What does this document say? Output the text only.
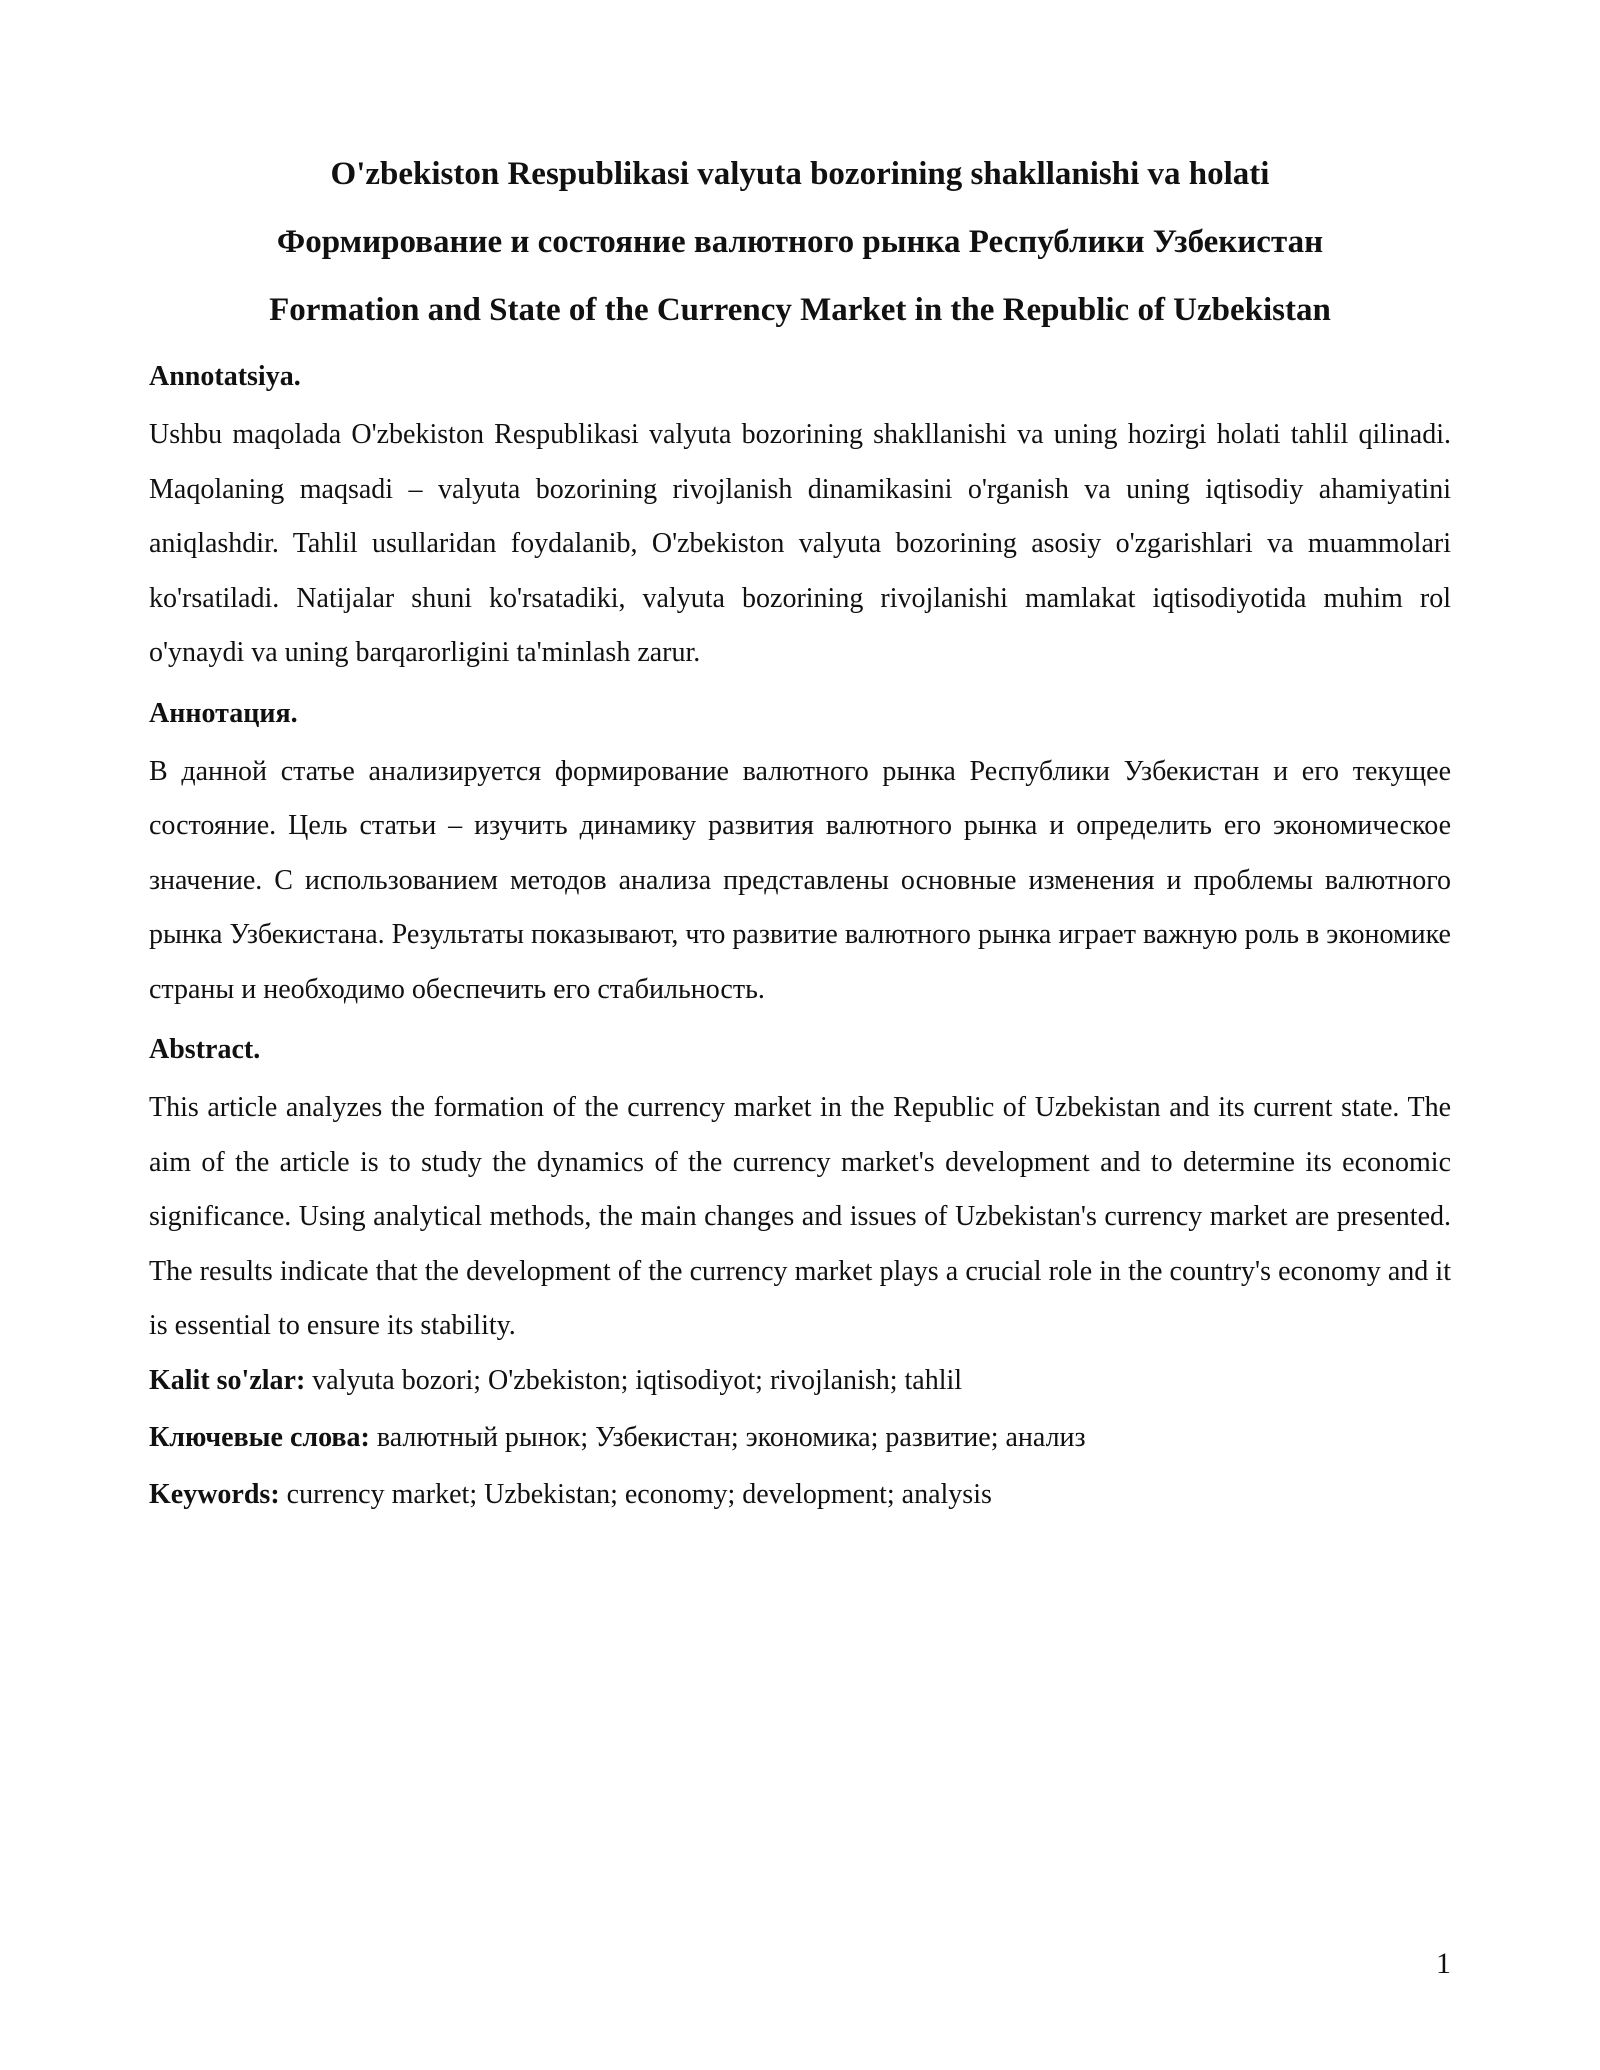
O'zbekiston Respublikasi valyuta bozorining shakllanishi va holati
Формирование и состояние валютного рынка Республики Узбекистан
Formation and State of the Currency Market in the Republic of Uzbekistan
Annotatsiya.

Ushbu maqolada O'zbekiston Respublikasi valyuta bozorining shakllanishi va uning hozirgi holati tahlil qilinadi. Maqolaning maqsadi – valyuta bozorining rivojlanish dinamikasini o'rganish va uning iqtisodiy ahamiyatini aniqlashdir. Tahlil usullaridan foydalanib, O'zbekiston valyuta bozorining asosiy o'zgarishlari va muammolari ko'rsatiladi. Natijalar shuni ko'rsatadiki, valyuta bozorining rivojlanishi mamlakat iqtisodiyotida muhim rol o'ynaydi va uning barqarorligini ta'minlash zarur.

Аннотация.

В данной статье анализируется формирование валютного рынка Республики Узбекистан и его текущее состояние. Цель статьи – изучить динамику развития валютного рынка и определить его экономическое значение. С использованием методов анализа представлены основные изменения и проблемы валютного рынка Узбекистана. Результаты показывают, что развитие валютного рынка играет важную роль в экономике страны и необходимо обеспечить его стабильность.

Abstract.

This article analyzes the formation of the currency market in the Republic of Uzbekistan and its current state. The aim of the article is to study the dynamics of the currency market's development and to determine its economic significance. Using analytical methods, the main changes and issues of Uzbekistan's currency market are presented. The results indicate that the development of the currency market plays a crucial role in the country's economy and it is essential to ensure its stability.

Kalit so'zlar: valyuta bozori; O'zbekiston; iqtisodiyot; rivojlanish; tahlil

Ключевые слова: валютный рынок; Узбекистан; экономика; развитие; анализ

Keywords: currency market; Uzbekistan; economy; development; analysis

1
